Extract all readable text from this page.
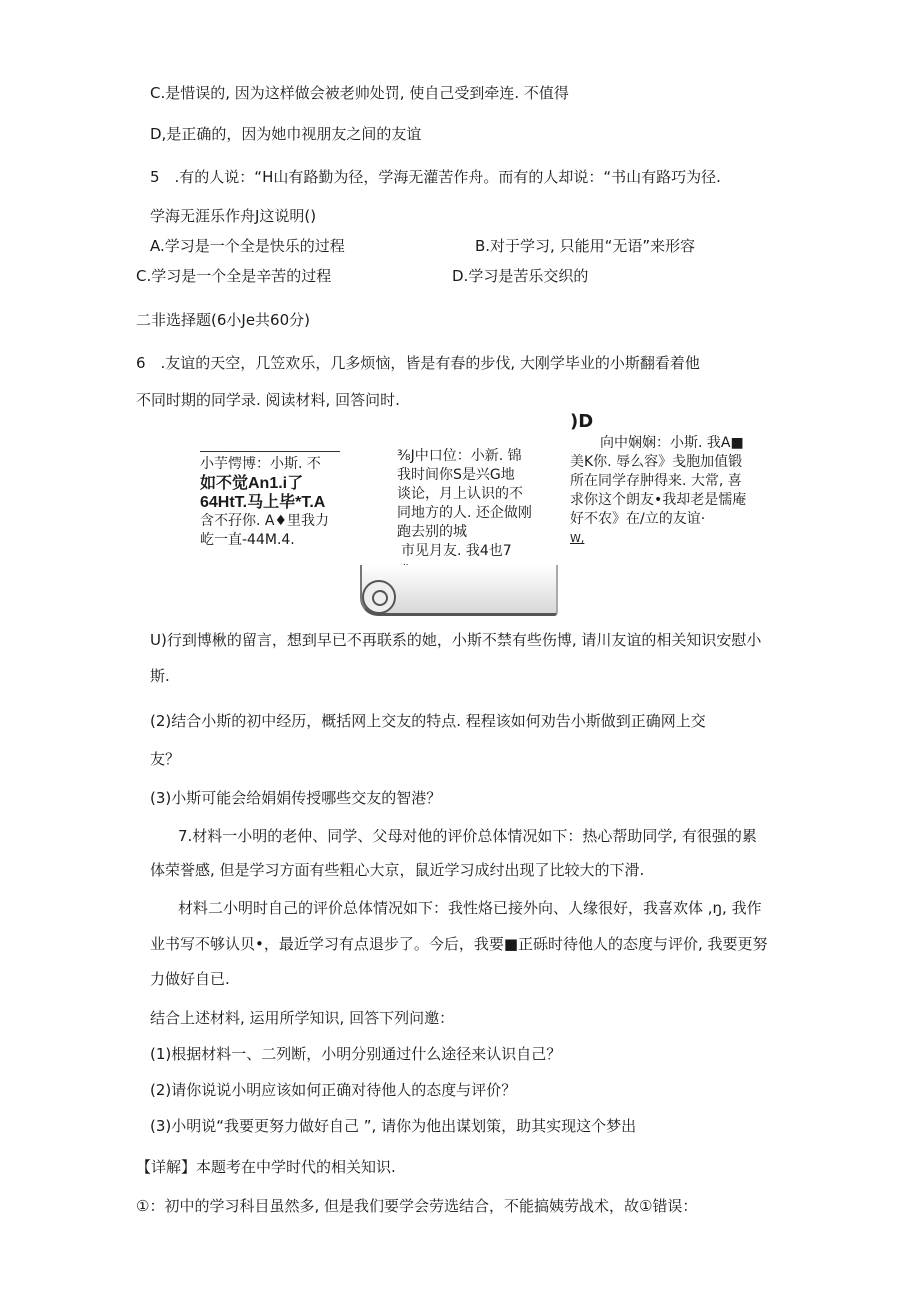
C.是惜误的, 因为这样做会被老帅处罚, 使自己受到牵连. 不值得
D,是正确的，因为她巾视朋友之间的友谊
5　.有的人说：“H山有路勤为径，学海无灌苦作舟。而有的人却说：“书山有路巧为径.
学海无涯乐作舟J这说明()
A.学习是一个全是快乐的过程	B.对于学习, 只能用“无语”来形容
C.学习是一个全是辛苦的过程	D.学习是苦乐交织的
二非选择题(6小Je共60分)
6　.友谊的天空，几笠欢乐，几多烦恼，皆是有春的步伐, 大刚学毕业的小斯翻看着他
不同时期的同学录. 阅读材料, 回答问时.
)D
小芋愕博：小斯. 不
如不觉An1.i了
64HtT.马上毕*T.A
含不孖你. A♦里我力
屹一直-44M.4.
⅜J中口位：小新. 锦
我时间你S是兴G地
谈论，月上认识的不
同地方的人. 还企做刚
跑去别的城
市见月友. 我4也7
向中娴娴：小斯. 我A■
美K你. 辱么容》戋胞加值锻
所在同学存肿得来. 大常, 喜
求你这个朗友•我却老是懦庵
好不农》在/立的友谊·
W,
U)行到博楸的留言，想到早已不再联系的她，小斯不禁有些伤博, 请川友谊的相关知识安慰小
斯.
(2)结合小斯的初中经历，概括网上交友的特点. 程程该如何劝告小斯做到正确网上交
友？
(3)小斯可能会给娟娟传授哪些交友的智港？
7.材料一小明的老仲、同学、父母对他的评价总体情况如下：热心帮助同学, 有很强的累
体荣誉感, 但是学习方面有些粗心大京，鼠近学习成纣出现了比较大的下滑.
材料二小明时自己的评价总体情况如下：我性烙已接外向、人缘很好，我喜欢体 ,ŋ, 我作
业书写不够认贝•，最近学习有点退步了。今后，我要■正砾时待他人的态度与评价, 我要更努
力做好自已.
结合上述材料, 运用所学知识, 回答下列问邀：
(1)根据材料一、二列断，小明分别通过什么途径来认识自己？
(2)请你说说小明应该如何正确对待他人的态度与评价？
(3)小明说“我要更努力做好自己 ”, 请你为他出谋划策，助其实现这个梦出
【详解】本题考在中学时代的相关知识.
①：初中的学习科目虽然多, 但是我们要学会劳选结合，不能搞姨劳战术，故①错误：
